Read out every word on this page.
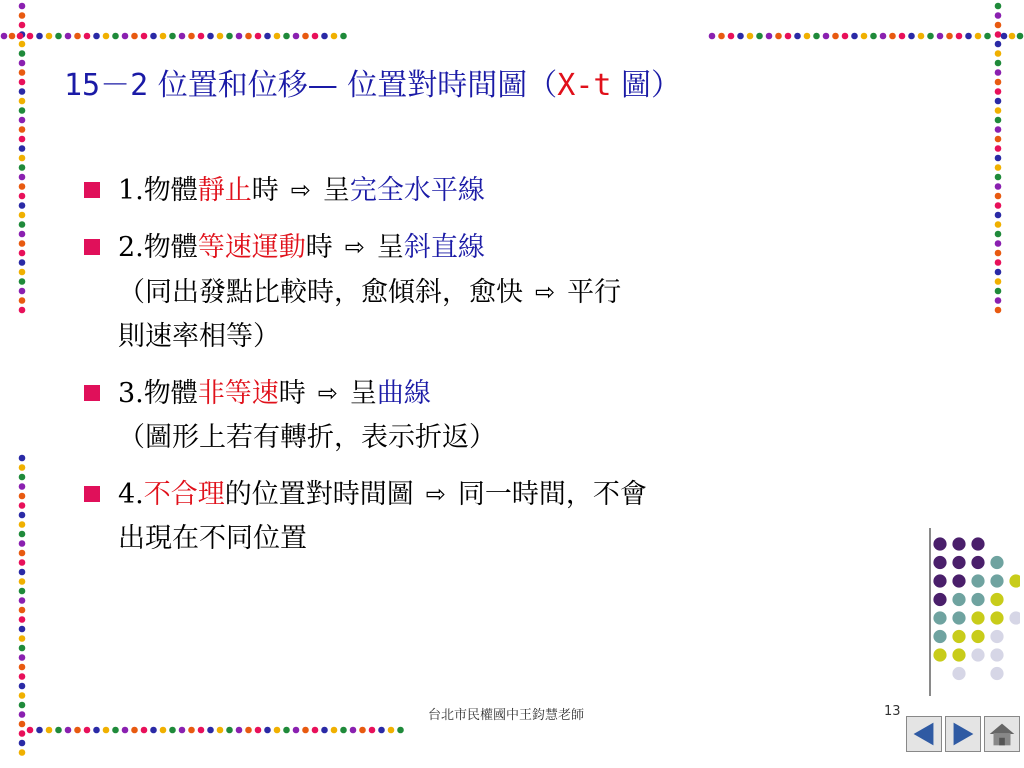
15－2 位置和位移— 位置對時間圖（X-t 圖）
1.物體靜止時 ⇨ 呈完全水平線
2.物體等速運動時 ⇨ 呈斜直線
（同出發點比較時，愈傾斜，愈快 ⇨ 平行
則速率相等）
3.物體非等速時 ⇨ 呈曲線
（圖形上若有轉折，表示折返）
4.不合理的位置對時間圖 ⇨ 同一時間，不會
出現在不同位置
台北市民權國中王鈞慧老師	13
